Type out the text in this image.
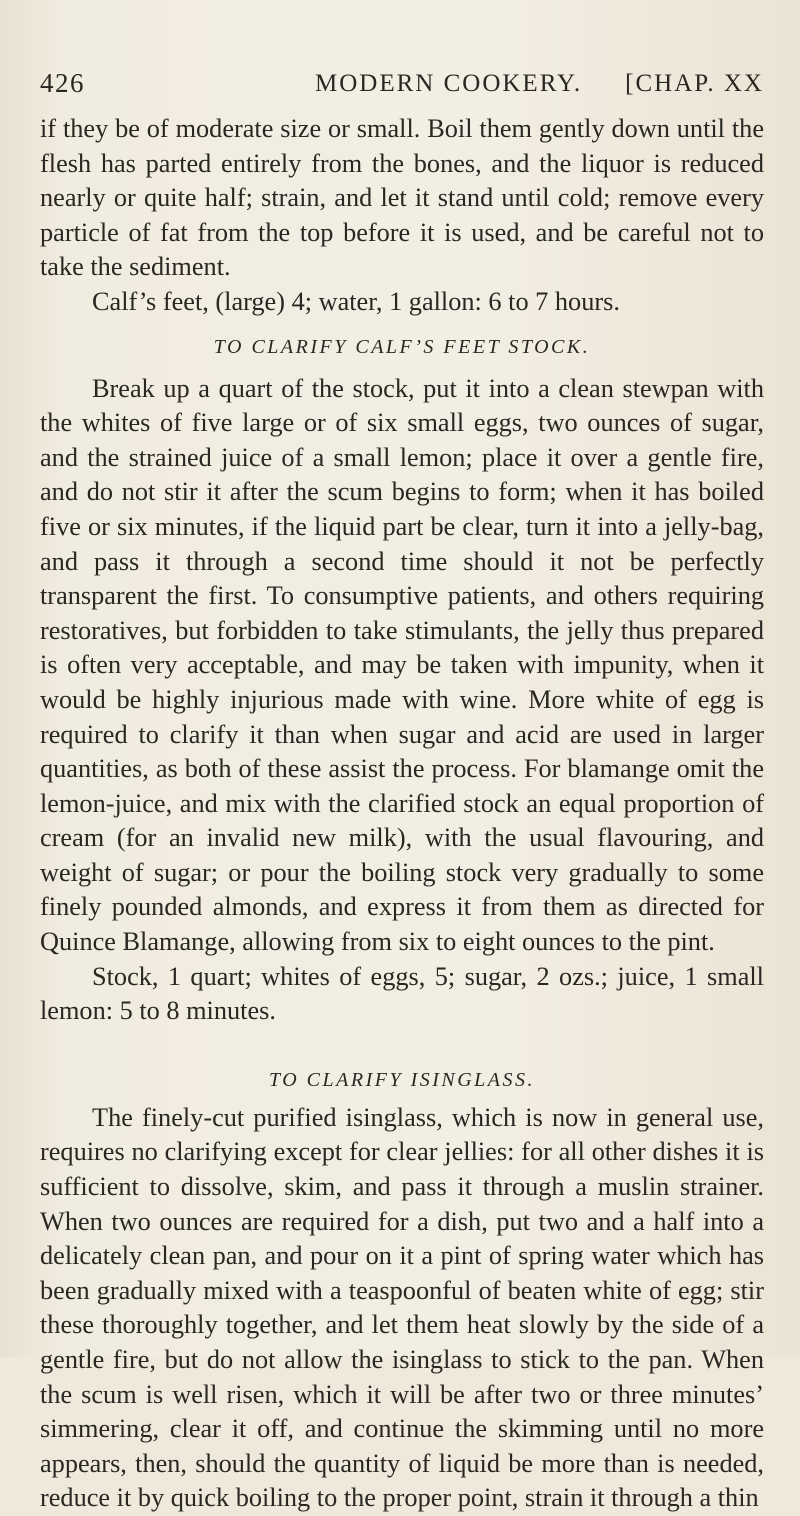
426	MODERN COOKERY. [CHAP. XX

if they be of moderate size or small. Boil them gently down until the flesh has parted entirely from the bones, and the liquor is reduced nearly or quite half; strain, and let it stand until cold; remove every particle of fat from the top before it is used, and be careful not to take the sediment.

Calf’s feet, (large) 4; water, 1 gallon: 6 to 7 hours.

TO CLARIFY CALF’S FEET STOCK.

Break up a quart of the stock, put it into a clean stewpan with the whites of five large or of six small eggs, two ounces of sugar, and the strained juice of a small lemon; place it over a gentle fire, and do not stir it after the scum begins to form; when it has boiled five or six minutes, if the liquid part be clear, turn it into a jelly-bag, and pass it through a second time should it not be perfectly transparent the first. To consumptive patients, and others requiring restoratives, but forbidden to take stimulants, the jelly thus prepared is often very acceptable, and may be taken with impunity, when it would be highly injurious made with wine. More white of egg is required to clarify it than when sugar and acid are used in larger quantities, as both of these assist the process. For blamange omit the lemon-juice, and mix with the clarified stock an equal proportion of cream (for an invalid new milk), with the usual flavouring, and weight of sugar; or pour the boiling stock very gradually to some finely pounded almonds, and express it from them as directed for Quince Blamange, allowing from six to eight ounces to the pint.

Stock, 1 quart; whites of eggs, 5; sugar, 2 ozs.; juice, 1 small lemon: 5 to 8 minutes.

TO CLARIFY ISINGLASS.

The finely-cut purified isinglass, which is now in general use, requires no clarifying except for clear jellies: for all other dishes it is sufficient to dissolve, skim, and pass it through a muslin strainer. When two ounces are required for a dish, put two and a half into a delicately clean pan, and pour on it a pint of spring water which has been gradually mixed with a teaspoonful of beaten white of egg; stir these thoroughly together, and let them heat slowly by the side of a gentle fire, but do not allow the isinglass to stick to the pan. When the scum is well risen, which it will be after two or three minutes’ simmering, clear it off, and continue the skimming until no more appears, then, should the quantity of liquid be more than is needed, reduce it by quick boiling to the proper point, strain it through a thin
